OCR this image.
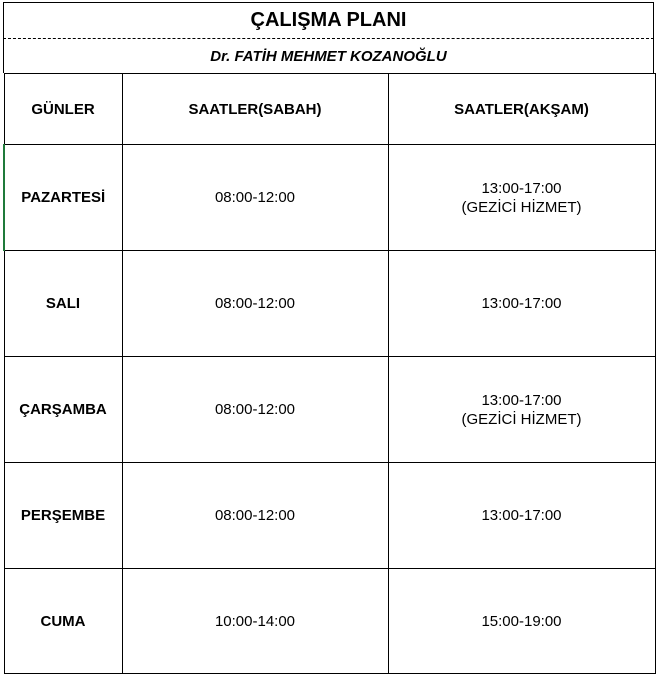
ÇALIŞMA PLANI
Dr. FATİH MEHMET KOZANOĞLU
GÜNLER	SAATLER(SABAH)	SAATLER(AKŞAM)
PAZARTESİ	08:00-12:00	13:00-17:00
(GEZİCİ HİZMET)

SALI	08:00-12:00	13:00-17:00
ÇARŞAMBA	08:00-12:00	13:00-17:00
(GEZİCİ HİZMET)

PERŞEMBE	08:00-12:00	13:00-17:00
CUMA	10:00-14:00	15:00-19:00
